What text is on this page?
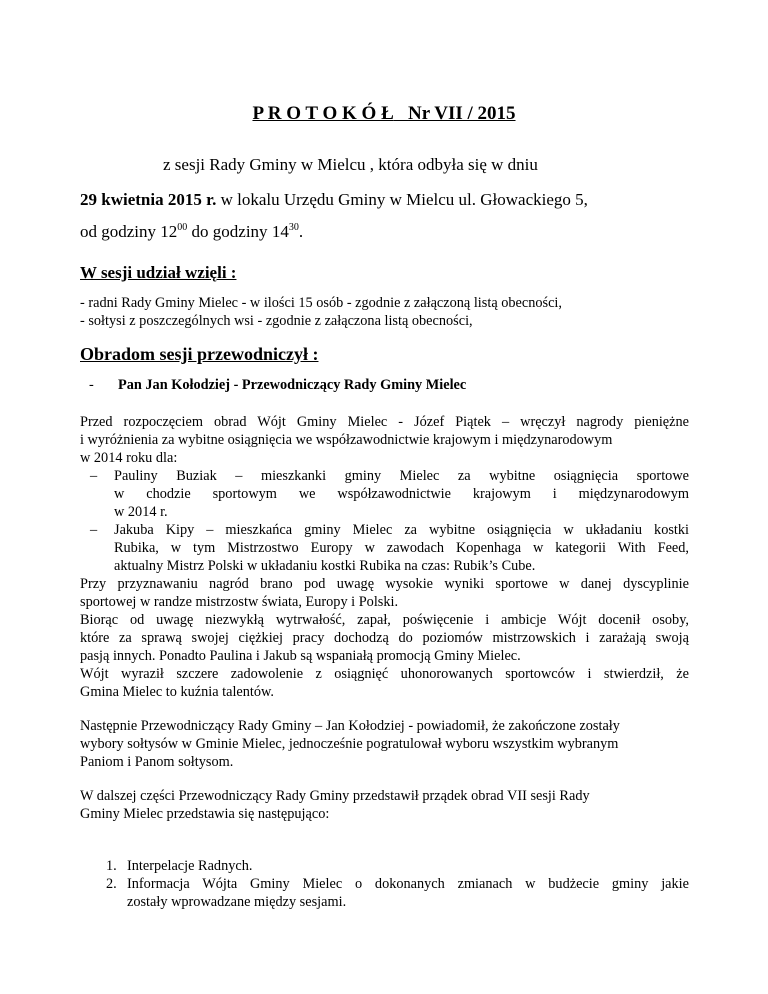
P R O T O K Ó Ł Nr VII / 2015
z sesji Rady Gminy w Mielcu , która odbyła się w dniu
29 kwietnia 2015 r. w lokalu Urzędu Gminy w Mielcu ul. Głowackiego 5,
od godziny $12^{00}$ do godziny $14^{30}$.
W sesji udział wzięli :
- radni Rady Gminy Mielec - w ilości 15 osób - zgodnie z załączoną listą obecności,
- sołtysi z poszczególnych wsi - zgodnie z załączona listą obecności,
Obradom sesji przewodniczył :
- Pan Jan Kołodziej - Przewodniczący Rady Gminy Mielec
Przed rozpoczęciem obrad Wójt Gminy Mielec - Józef Piątek – wręczył nagrody pieniężne
i wyróżnienia za wybitne osiągnięcia we współzawodnictwie krajowym i międzynarodowym
w 2014 roku dla:
– Pauliny Buziak – mieszkanki gminy Mielec za wybitne osiągnięcia sportowe
w chodzie sportowym we współzawodnictwie krajowym i międzynarodowym
w 2014 r.
– Jakuba Kipy – mieszkańca gminy Mielec za wybitne osiągnięcia w układaniu kostki
Rubika, w tym Mistrzostwo Europy w zawodach Kopenhaga w kategorii With Feed,
aktualny Mistrz Polski w układaniu kostki Rubika na czas: Rubik’s Cube.
Przy przyznawaniu nagród brano pod uwagę wysokie wyniki sportowe w danej dyscyplinie
sportowej w randze mistrzostw świata, Europy i Polski.
Biorąc od uwagę niezwykłą wytrwałość, zapał, poświęcenie i ambicje Wójt docenił osoby,
które za sprawą swojej ciężkiej pracy dochodzą do poziomów mistrzowskich i zarażają swoją
pasją innych. Ponadto Paulina i Jakub są wspaniałą promocją Gminy Mielec.
Wójt wyraził szczere zadowolenie z osiągnięć uhonorowanych sportowców i stwierdził, że
Gmina Mielec to kuźnia talentów.
Następnie Przewodniczący Rady Gminy – Jan Kołodziej - powiadomił, że zakończone zostały
wybory sołtysów w Gminie Mielec, jednocześnie pogratulował wyboru wszystkim wybranym
Paniom i Panom sołtysom.
W dalszej części Przewodniczący Rady Gminy przedstawił prządek obrad VII sesji Rady
Gminy Mielec przedstawia się następująco:
1. Interpelacje Radnych.
2. Informacja Wójta Gminy Mielec o dokonanych zmianach w budżecie gminy jakie
zostały wprowadzane między sesjami.
